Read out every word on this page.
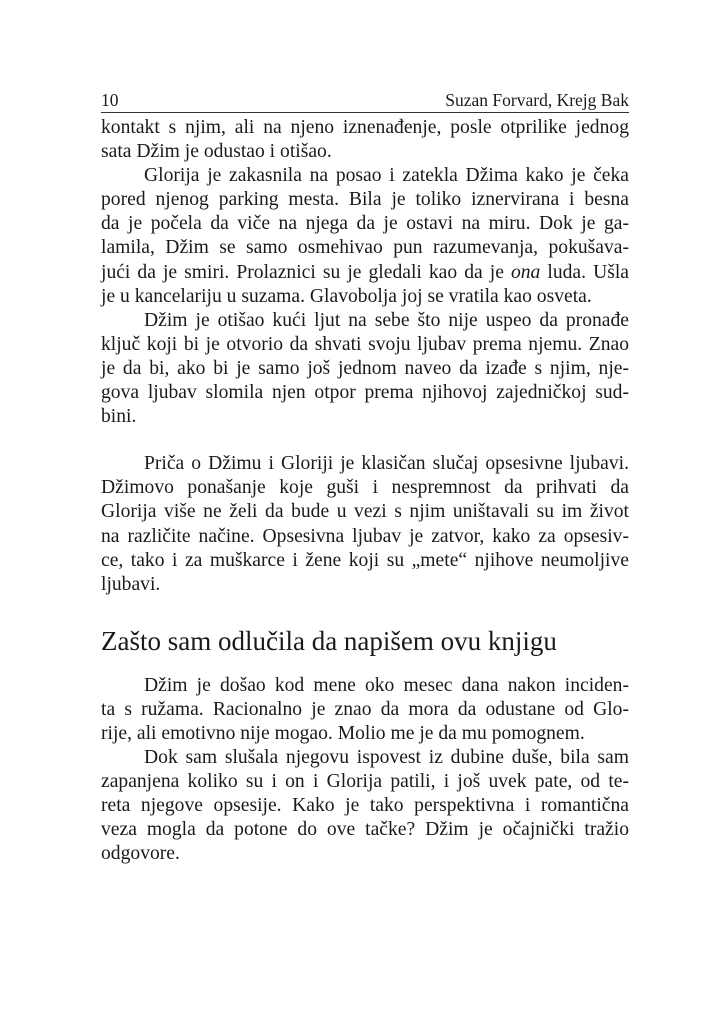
10	Suzan Forvard, Krejg Bak
kontakt s njim, ali na njeno iznenađenje, posle otprilike jednog
sata Džim je odustao i otišao.
Glorija je zakasnila na posao i zatekla Džima kako je čeka
pored njenog parking mesta. Bila je toliko iznervirana i besna
da je počela da viče na njega da je ostavi na miru. Dok je ga-
lamila, Džim se samo osmehivao pun razumevanja, pokušava-
jući da je smiri. Prolaznici su je gledali kao da je ona luda. Ušla
je u kancelariju u suzama. Glavobolja joj se vratila kao osveta.
Džim je otišao kući ljut na sebe što nije uspeo da pronađe
ključ koji bi je otvorio da shvati svoju ljubav prema njemu. Znao
je da bi, ako bi je samo još jednom naveo da izađe s njim, nje-
gova ljubav slomila njen otpor prema njihovoj zajedničkoj sud-
bini.
Priča o Džimu i Gloriji je klasičan slučaj opsesivne ljubavi.
Džimovo ponašanje koje guši i nespremnost da prihvati da
Glorija više ne želi da bude u vezi s njim uništavali su im život
na različite načine. Opsesivna ljubav je zatvor, kako za opsesiv-
ce, tako i za muškarce i žene koji su „mete“ njihove neumoljive
ljubavi.
Zašto sam odlučila da napišem ovu knjigu
Džim je došao kod mene oko mesec dana nakon inciden-
ta s ružama. Racionalno je znao da mora da odustane od Glo-
rije, ali emotivno nije mogao. Molio me je da mu pomognem.
Dok sam slušala njegovu ispovest iz dubine duše, bila sam
zapanjena koliko su i on i Glorija patili, i još uvek pate, od te-
reta njegove opsesije. Kako je tako perspektivna i romantična
veza mogla da potone do ove tačke? Džim je očajnički tražio
odgovore.
